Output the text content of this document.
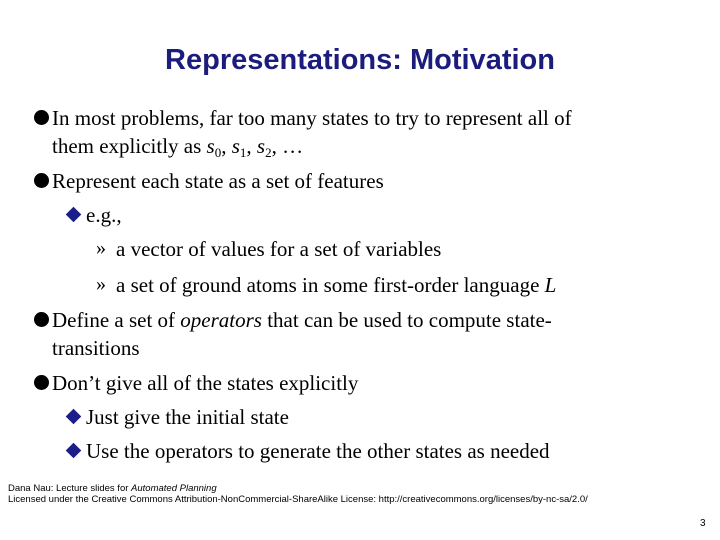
Representations: Motivation
In most problems, far too many states to try to represent all of
them explicitly as $s_0$, $s_1$, $s_2$, …
Represent each state as a set of features
e.g.,
» a vector of values for a set of variables
» a set of ground atoms in some first-order language L
Define a set of operators that can be used to compute state-
transitions
Don’t give all of the states explicitly
Just give the initial state
Use the operators to generate the other states as needed
Dana Nau: Lecture slides for Automated Planning
Licensed under the Creative Commons Attribution-NonCommercial-ShareAlike License: http://creativecommons.org/licenses/by-nc-sa/2.0/
3
